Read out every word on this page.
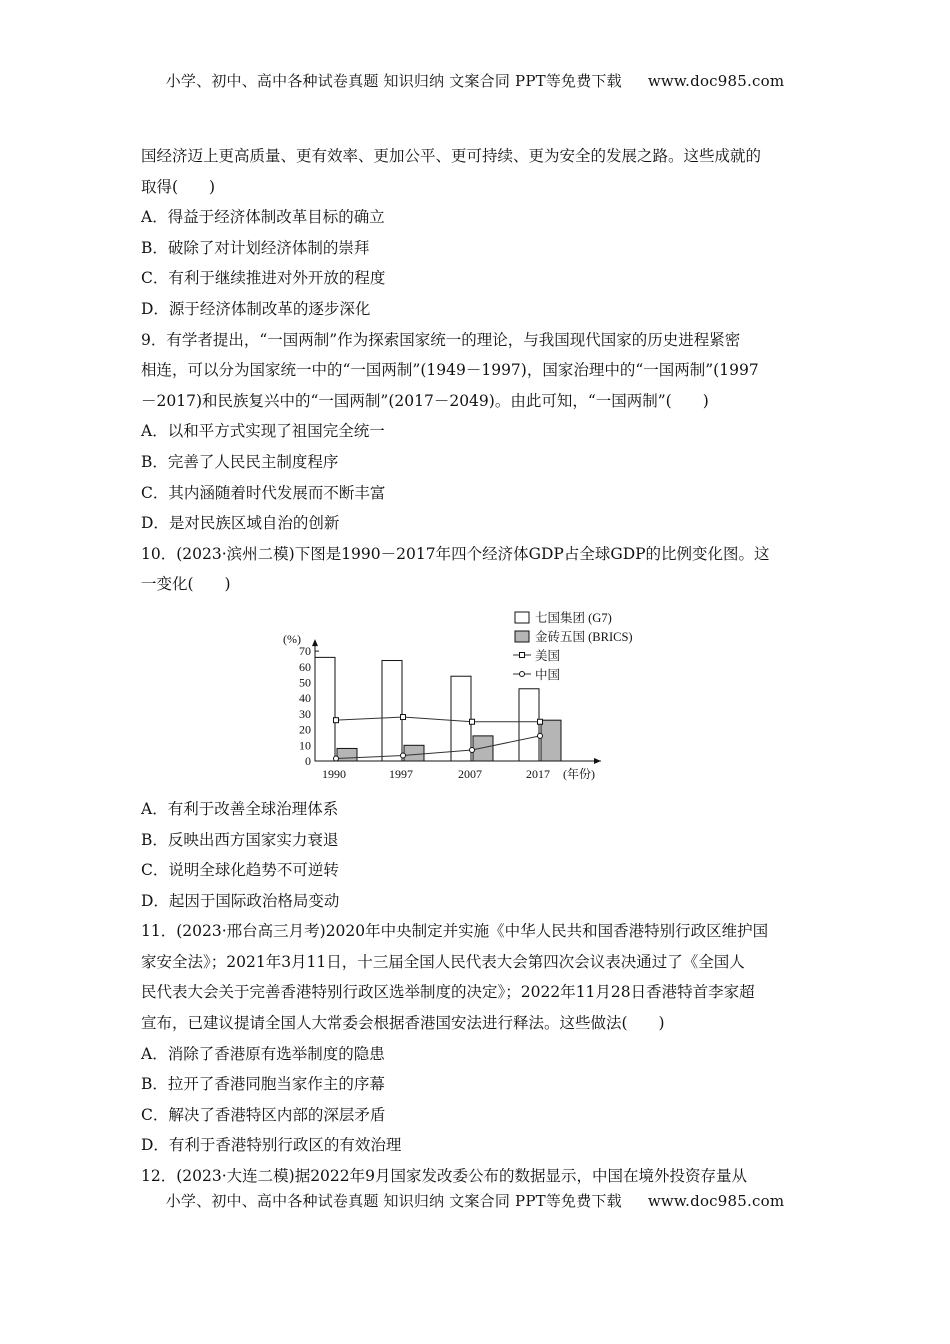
小学、初中、高中各种试卷真题 知识归纳 文案合同 PPT等免费下载 www.doc985.com

国经济迈上更高质量、更有效率、更加公平、更可持续、更为安全的发展之路。这些成就的

取得(　　)

A．得益于经济体制改革目标的确立

B．破除了对计划经济体制的崇拜

C．有利于继续推进对外开放的程度

D．源于经济体制改革的逐步深化

9．有学者提出，“一国两制”作为探索国家统一的理论，与我国现代国家的历史进程紧密

相连，可以分为国家统一中的“一国两制”(1949－1997)，国家治理中的“一国两制”(1997

－2017)和民族复兴中的“一国两制”(2017－2049)。由此可知，“一国两制”(　　)

A．以和平方式实现了祖国完全统一

B．完善了人民民主制度程序

C．其内涵随着时代发展而不断丰富

D．是对民族区域自治的创新

10．(2023·滨州二模)下图是1990－2017年四个经济体GDP占全球GDP的比例变化图。这

一变化(　　)

0
10
20
30
40
50
60
70
(%)
1990	1997	2007	2017 (年份)
七国集团 (G7)
金砖五国 (BRICS)
美国
中国

A．有利于改善全球治理体系

B．反映出西方国家实力衰退

C．说明全球化趋势不可逆转

D．起因于国际政治格局变动

11．(2023·邢台高三月考)2020年中央制定并实施《中华人民共和国香港特别行政区维护国

家安全法》；2021年3月11日，十三届全国人民代表大会第四次会议表决通过了《全国人

民代表大会关于完善香港特别行政区选举制度的决定》；2022年11月28日香港特首李家超

宣布，已建议提请全国人大常委会根据香港国安法进行释法。这些做法(　　)

A．消除了香港原有选举制度的隐患

B．拉开了香港同胞当家作主的序幕

C．解决了香港特区内部的深层矛盾

D．有利于香港特别行政区的有效治理

12．(2023·大连二模)据2022年9月国家发改委公布的数据显示，中国在境外投资存量从

小学、初中、高中各种试卷真题 知识归纳 文案合同 PPT等免费下载 www.doc985.com
